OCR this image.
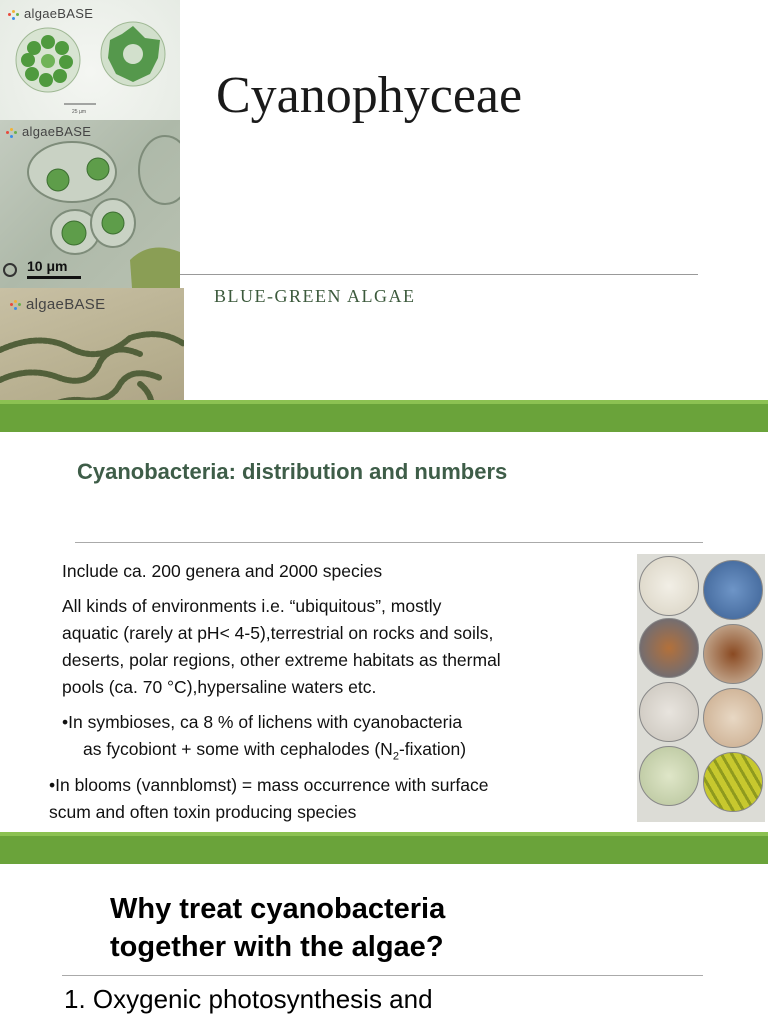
algaeBASE
25 µm
algaeBASE
10 μm
algaeBASE
Cyanophyceae
BLUE-GREEN ALGAE
Cyanobacteria: distribution and numbers
Include ca. 200 genera and 2000 species
All kinds of environments i.e. “ubiquitous”, mostly
aquatic (rarely at pH< 4-5),terrestrial on rocks and soils,
deserts, polar regions, other extreme habitats as thermal
pools (ca. 70 °C),hypersaline waters etc.
•In symbioses, ca 8 % of lichens with cyanobacteria
as fycobiont + some with cephalodes $(N_2-fixation)$
•In blooms (vannblomst) = mass occurrence with surface
scum and often toxin producing species
Why treat cyanobacteria
together with the algae?
1. Oxygenic photosynthesis and
